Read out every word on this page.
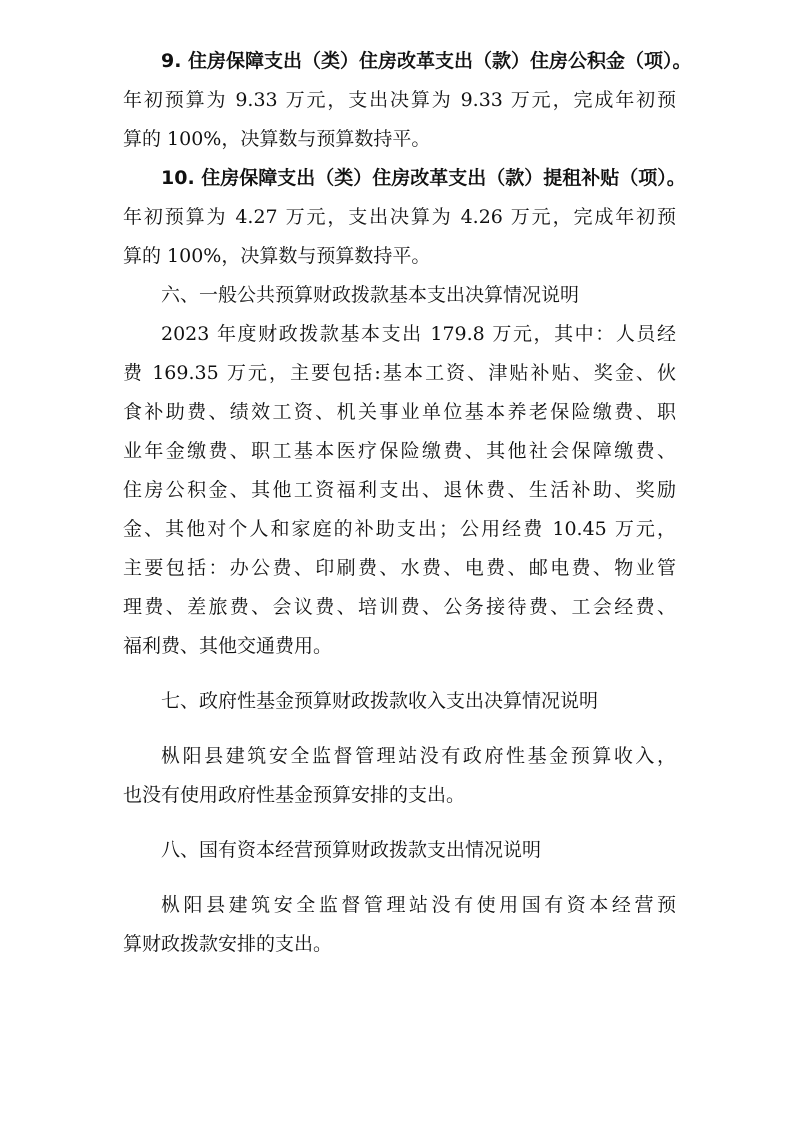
9. 住房保障支出（类）住房改革支出（款）住房公积金（项）。
年初预算为 9.33 万元，支出决算为 9.33 万元，完成年初预
算的 100%，决算数与预算数持平。
10. 住房保障支出（类）住房改革支出（款）提租补贴（项）。
年初预算为 4.27 万元，支出决算为 4.26 万元，完成年初预
算的 100%，决算数与预算数持平。
六、一般公共预算财政拨款基本支出决算情况说明
2023 年度财政拨款基本支出 179.8 万元，其中：人员经
费 169.35 万元，主要包括:基本工资、津贴补贴、奖金、伙
食补助费、绩效工资、机关事业单位基本养老保险缴费、职
业年金缴费、职工基本医疗保险缴费、其他社会保障缴费、
住房公积金、其他工资福利支出、退休费、生活补助、奖励
金、其他对个人和家庭的补助支出；公用经费 10.45 万元，
主要包括：办公费、印刷费、水费、电费、邮电费、物业管
理费、差旅费、会议费、培训费、公务接待费、工会经费、
福利费、其他交通费用。
七、政府性基金预算财政拨款收入支出决算情况说明
枞阳县建筑安全监督管理站没有政府性基金预算收入，
也没有使用政府性基金预算安排的支出。
八、国有资本经营预算财政拨款支出情况说明
枞阳县建筑安全监督管理站没有使用国有资本经营预
算财政拨款安排的支出。
